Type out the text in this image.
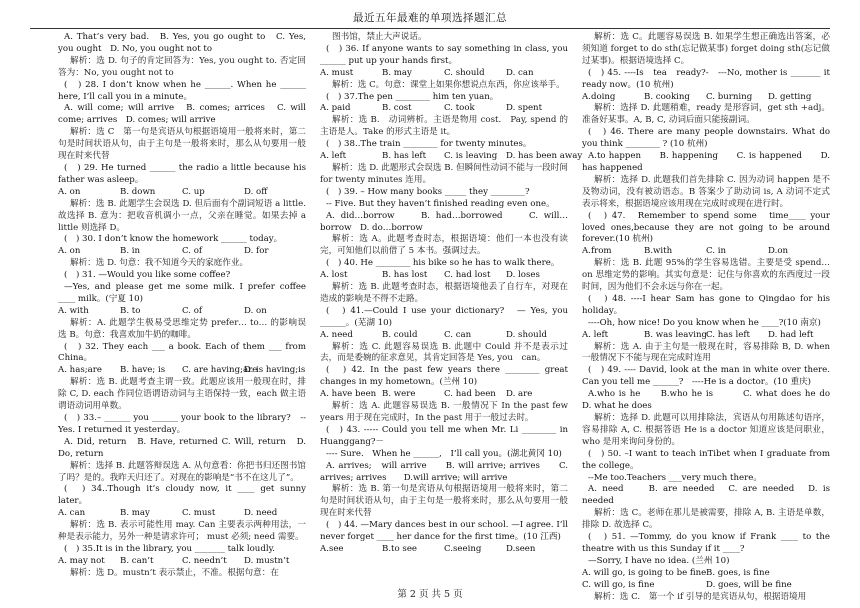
最近五年最难的单项选择题汇总

A. That’s very bad.　B. Yes, you go ought to　C. Yes, you ought　D. No, you ought not to

解析：选 D. 句子的肯定回答为：Yes, you ought to. 否定回答为：No, you ought not to

(　) 28. I don’t know when he ______. When he ______ here, I’ll call you in a minute。

A. will come; will arrive　B. comes; arrices　C. will come; arrives　D. comes; will arrive

解析：选 C　第一句是宾语从句根据语境用一般将来时，第二句是时间状语从句，由于主句是一般将来时，那么从句要用一般现在时来代替

(　) 29. He turned ______ the radio a little because his father was asleep。

A. on	B. down	C. up	D. off

解析：选 B. 此题学生会误选 D. 但后面有个副词短语 a little. 故选择 B. 意为：把收音机调小一点，父亲在睡觉。如果去掉 a little 则选择 D。

(　) 30. I don’t know the homework ______ today。

A. on	B. in	C. of	D. for

解析：选 D. 句意：我不知道今天的家庭作业。

(　) 31. —Would you like some coffee?

—Yes, and please get me some milk. I prefer coffee ____ milk。(宁夏 10)

A. with	B. to	C. of	D. on

解析：A. 此题学生极易受思维定势 prefer… to… 的影响误选 B。句意：我喜欢加牛奶的咖啡。

(　) 32. They each ___ a book. Each of them ___ from China。

A. has;are	B. have; is	C. are having;are
D. is having;is

解析：选 B. 此题考查主谓一致。此题应该用一般现在时，排除 C, D. each 作同位语谓语动词与主语保持一致，each 做主语谓语动词用单数。

(　) 33.– ______ you ______ your book to the library?　-- Yes. I returned it yesterday。

A. Did, return　B. Have, returned C. Will, return　D. Do, return

解析：选择 B. 此题答辩误选 A. 从句意看：你把书归还图书馆了吗？是的。我昨天归还了。对现在的影响是“书不在这儿了”。

(　) 34..Though it’s cloudy now, it ____ get sunny later。

A. can	B. may	C. must	D. need

解析：选 B. 表示可能性用 may. Can 主要表示两种用法，一种是表示能力，另外一种是请求许可； must 必须; need 需要。

(　) 35.It is in the library, you _______ talk loudly.

A. may not	B. can’t	C. needn’t	D. mustn’t

解析：选 D。mustn’t 表示禁止，不准。根据句意：在

图书馆，禁止大声说话。

(　) 36. If anyone wants to say something in class, you ______ put up your hands first。

A. must	B. may	C. should	D. can

解析：选 C。句意：课堂上如果你想说点东西，你应该举手。

(　) 37.The pen ________ him ten yuan。

A. paid	B. cost	C. took	D. spent

解析：选 B.　动词辨析。主语是物用 cost.　Pay, spend 的主语是人。Take 的形式主语是 it。

(　) 38..The train ________ for twenty minutes。

A. left	B. has left	C. is leaving	D. has been away

解析：选 D. 此题形式会误选 B. 但瞬间性动词不能与一段时间 for twenty minutes 连用。

(　) 39. – How many books _____ they ________?

-- Five. But they haven’t finished reading even one。

A. did…borrow　　B. had…borrowed　　C. will…borrow　D. do…borrow

解析：选 A。此题考查时态，根据语境：他们一本也没有读完，可知他们以前借了 5 本书。强调过去。

(　) 40. He ________ his bike so he has to walk there。

A. lost	B. has lost	C. had lost	D. loses

解析：选 B. 此题考查时态，根据语境他丢了自行车，对现在造成的影响是不得不走路。

(　) 41.—Could I use your dictionary?　— Yes, you ______。(芜湖 10)

A. need	B. could	C. can	D. should

解析：选 C. 此题容易误选 B. 此题中 Could 并不是表示过去，而是委婉的征求意见，其肯定回答是 Yes, you　can。

(　) 42. In the past few years there ________ great changes in my hometown。(兰州 10)

A. have been B. were	C. had been	D. are

解析：选 A. 此题容易误选 B. 一般情况下 In the past few years 用于现在完成时，In the past 用于一般过去时。

(　) 43. ----- Could you tell me when Mr. Li ________ in Huanggang?－

---- Sure.　When he ______,　I’ll call you。(湖北黄冈 10)

A. arrives;　will arrive　　B. will arrive; arrives　　C. arrives; arrives　　D.will arrive; will arrive

解析：选 B. 第一句是宾语从句根据语境用一般将来时，第二句是时间状语从句，由于主句是一般将来时，那么从句要用一般现在时来代替

(　) 44. —Mary dances best in our school. —I agree. I’ll never forget ____ her dance for the first time。(10 江西)

A.see	B.to see	C.seeing	D.seen

解析：选 C。此题容易误选 B. 如果学生想正确选出答案，必须知道 forget to do sth(忘记做某事) forget doing sth(忘记做过某事)。根据语境选择 C。

(　) 45. ----Is　tea　ready?-　---No, mother is _______ it ready now。(10 杭州)

A.doing	B. cooking	C. burning	D. getting

解析：选择 D. 此题稍难，ready 是形容词，get sth +adj。准备好某事。A, B, C, 动词后面只能接副词。

(　) 46. There are many people downstairs. What do you think ________ ? (10 杭州)

A.to happen　　B. happening　　C. is happened　　D. has happened

解析：选择 D. 此题我们首先排除 C. 因为动词 happen 是不及物动词，没有被动语态。B 答案少了助动词 is, A 动词不定式表示将来，根据语境应该用现在完成时或现在进行时。

(　) 47.　Remember to spend some　time____ your loved ones,because they are not going to be around forever.(10 杭州)

A.from	B.with	C. in	D.on

解析：选 B. 此题 95%的学生容易选错。主要是受 spend…on 思维定势的影响。其实句意是：记住与你喜欢的东西度过一段时间，因为他们不会永远与你在一起。

(　) 48. ----I hear Sam has gone to Qingdao for his holiday。

----Oh, how nice! Do you know when he ____?(10 南京)

A. left	B. was leaving C. has left	D. had left

解析：选 A. 由于主句是一般现在时，容易排除 B, D. when 一般情况下不能与现在完成时连用

(　) 49. ---- David, look at the man in white over there. Can you tell me ______?　----He is a doctor。(10 重庆)

A.who is he　　B.who he is　　　C. what does he do　D. what he does

解析：选择 D. 此题可以用排除法，宾语从句用陈述句语序，容易排除 A, C. 根据答语 He is a doctor 知道应该是问职业，who 是用来询问身份的。

(　) 50. –I want to teach inTibet when I graduate from the college。

--Me too.Teachers ___very much there。

A. need　　B. are needed　C. are needed　D. is needed

解析：选 C。老师在那儿是被需要，排除 A, B. 主语是单数，排除 D. 故选择 C。

(　) 51. —Tommy, do you know if Frank ____ to the theatre with us this Sunday if it ____?

—Sorry, I have no idea. (兰州 10)

A. will go, is going to be fine B. goes, is fine
C. will go, is fine	D. goes, will be fine

解析：选 C.　第一个 if 引导的是宾语从句，根据语境用

第 2 页 共 5 页
